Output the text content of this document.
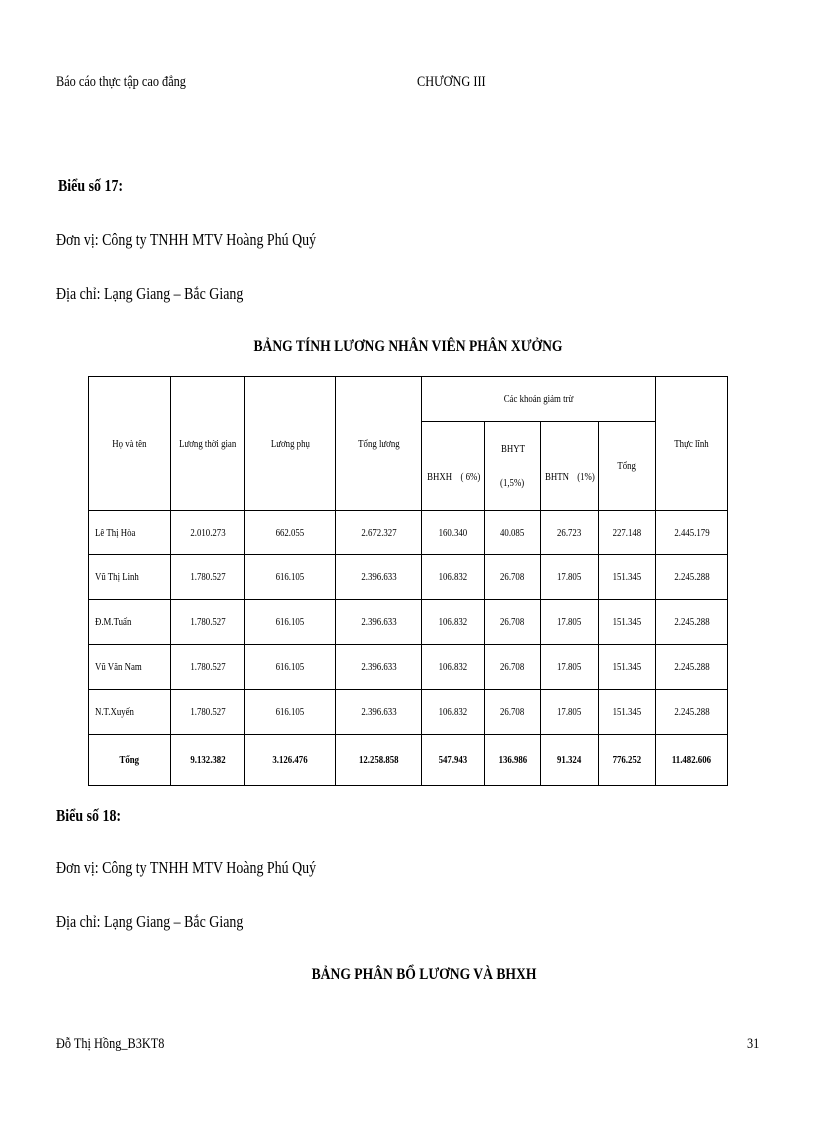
Báo cáo thực tập cao đẳng	CHƯƠNG III
Biểu số 17:
Đơn vị: Công ty TNHH MTV Hoàng Phú Quý
Địa chỉ: Lạng Giang – Bắc Giang
BẢNG TÍNH LƯƠNG NHÂN VIÊN PHÂN XƯỞNG
Họ và tên	Lương thời gian	Lương phụ	Tổng lương	Các khoản giảm trừ				Thực lĩnh
				BHXH ( 6%)	BHYT (1,5%)	BHTN (1%)	Tổng	
Lê Thị Hòa	2.010.273	662.055	2.672.327	160.340	40.085	26.723	227.148	2.445.179
Vũ Thị Linh	1.780.527	616.105	2.396.633	106.832	26.708	17.805	151.345	2.245.288
Đ.M.Tuấn	1.780.527	616.105	2.396.633	106.832	26.708	17.805	151.345	2.245.288
Vũ Văn Nam	1.780.527	616.105	2.396.633	106.832	26.708	17.805	151.345	2.245.288
N.T.Xuyến	1.780.527	616.105	2.396.633	106.832	26.708	17.805	151.345	2.245.288
Tổng	9.132.382	3.126.476	12.258.858	547.943	136.986	91.324	776.252	11.482.606
Biểu số 18:
Đơn vị: Công ty TNHH MTV Hoàng Phú Quý
Địa chỉ: Lạng Giang – Bắc Giang
BẢNG PHÂN BỔ LƯƠNG VÀ BHXH
Đỗ Thị Hồng_B3KT8	31
